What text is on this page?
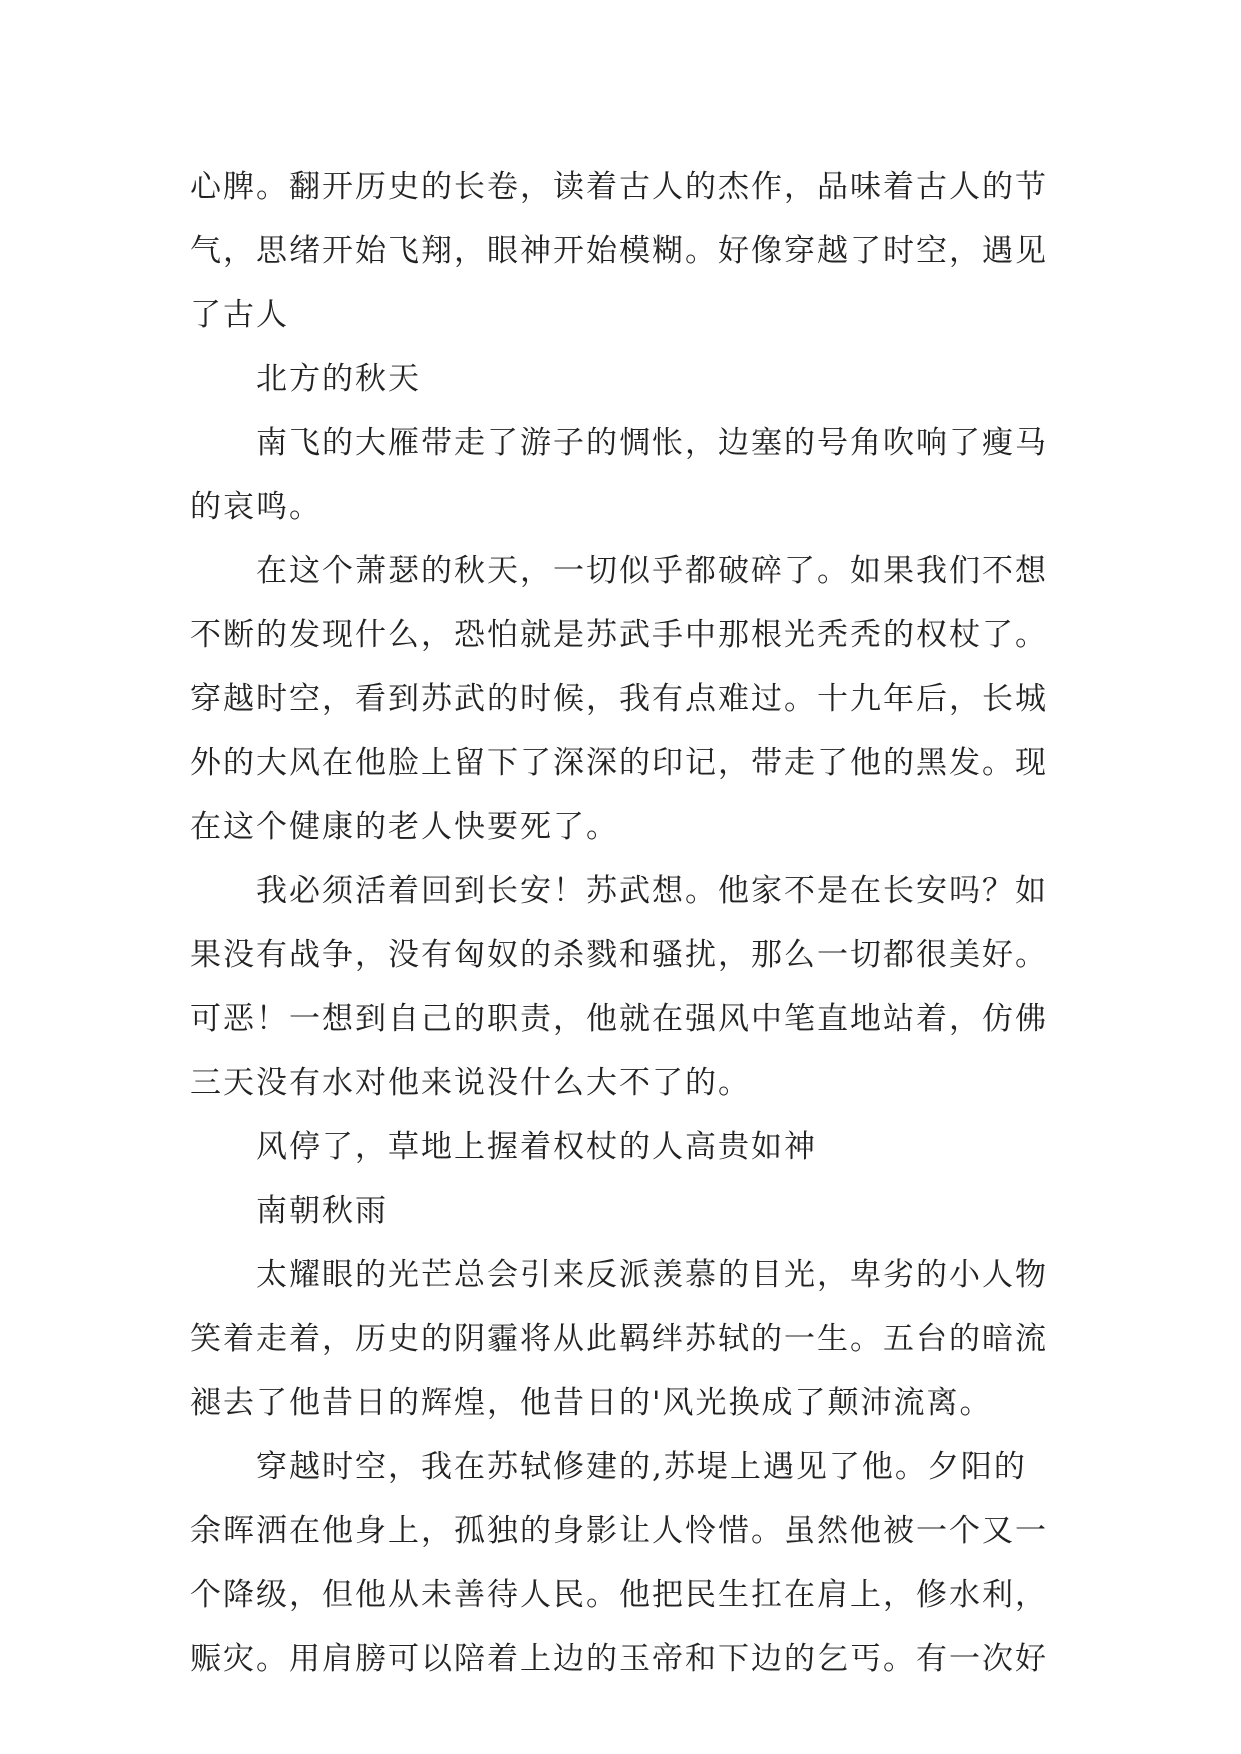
心脾。翻开历史的长卷，读着古人的杰作，品味着古人的节
气，思绪开始飞翔，眼神开始模糊。好像穿越了时空，遇见
了古人
北方的秋天
南飞的大雁带走了游子的惆怅，边塞的号角吹响了瘦马
的哀鸣。
在这个萧瑟的秋天，一切似乎都破碎了。如果我们不想
不断的发现什么，恐怕就是苏武手中那根光秃秃的权杖了。
穿越时空，看到苏武的时候，我有点难过。十九年后，长城
外的大风在他脸上留下了深深的印记，带走了他的黑发。现
在这个健康的老人快要死了。
我必须活着回到长安！苏武想。他家不是在长安吗？如
果没有战争，没有匈奴的杀戮和骚扰，那么一切都很美好。
可恶！一想到自己的职责，他就在强风中笔直地站着，仿佛
三天没有水对他来说没什么大不了的。
风停了，草地上握着权杖的人高贵如神
南朝秋雨
太耀眼的光芒总会引来反派羡慕的目光，卑劣的小人物
笑着走着，历史的阴霾将从此羁绊苏轼的一生。五台的暗流
褪去了他昔日的辉煌，他昔日的'风光换成了颠沛流离。
穿越时空，我在苏轼修建的,苏堤上遇见了他。夕阳的
余晖洒在他身上，孤独的身影让人怜惜。虽然他被一个又一
个降级，但他从未善待人民。他把民生扛在肩上，修水利，
赈灾。用肩膀可以陪着上边的玉帝和下边的乞丐。有一次好
